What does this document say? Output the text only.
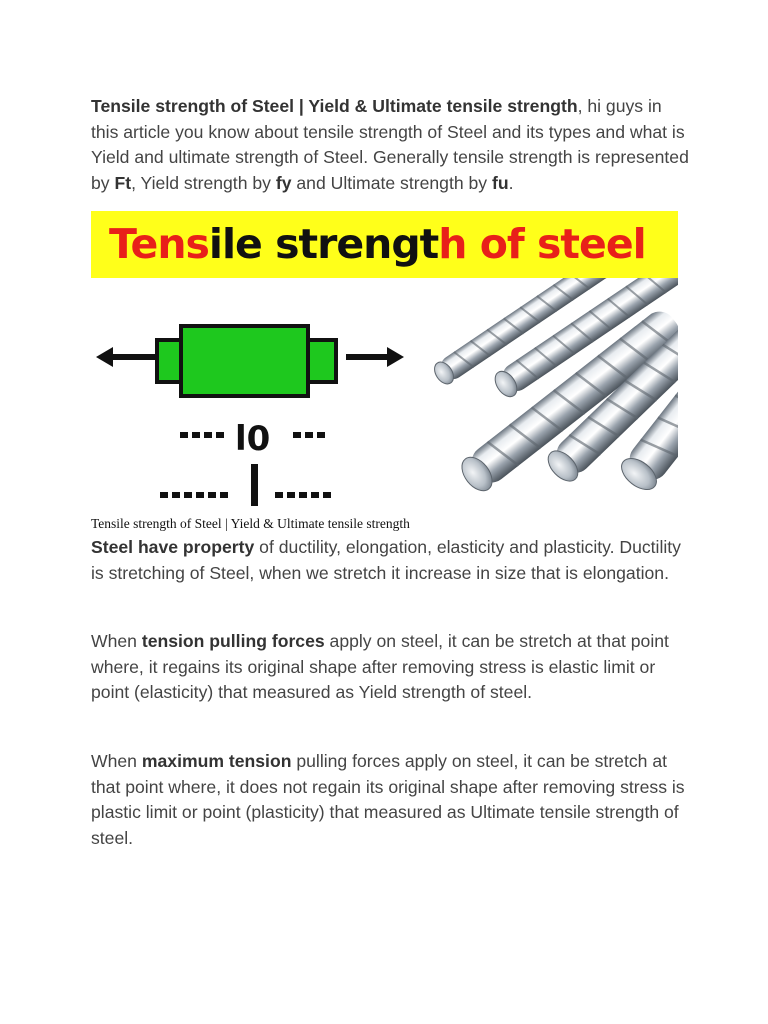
Tensile strength of Steel | Yield & Ultimate tensile strength, hi guys in this article you know about tensile strength of Steel and its types and what is Yield and ultimate strength of Steel. Generally tensile strength is represented by Ft, Yield strength by fy and Ultimate strength by fu.

Tensile strength of steel
l0
Tensile strength of Steel | Yield & Ultimate tensile strength

Steel have property of ductility, elongation, elasticity and plasticity. Ductility is stretching of Steel, when we stretch it increase in size that is elongation.

When tension pulling forces apply on steel, it can be stretch at that point where, it regains its original shape after removing stress is elastic limit or point (elasticity) that measured as Yield strength of steel.

When maximum tension pulling forces apply on steel, it can be stretch at that point where, it does not regain its original shape after removing stress is plastic limit or point (plasticity) that measured as Ultimate tensile strength of steel.
